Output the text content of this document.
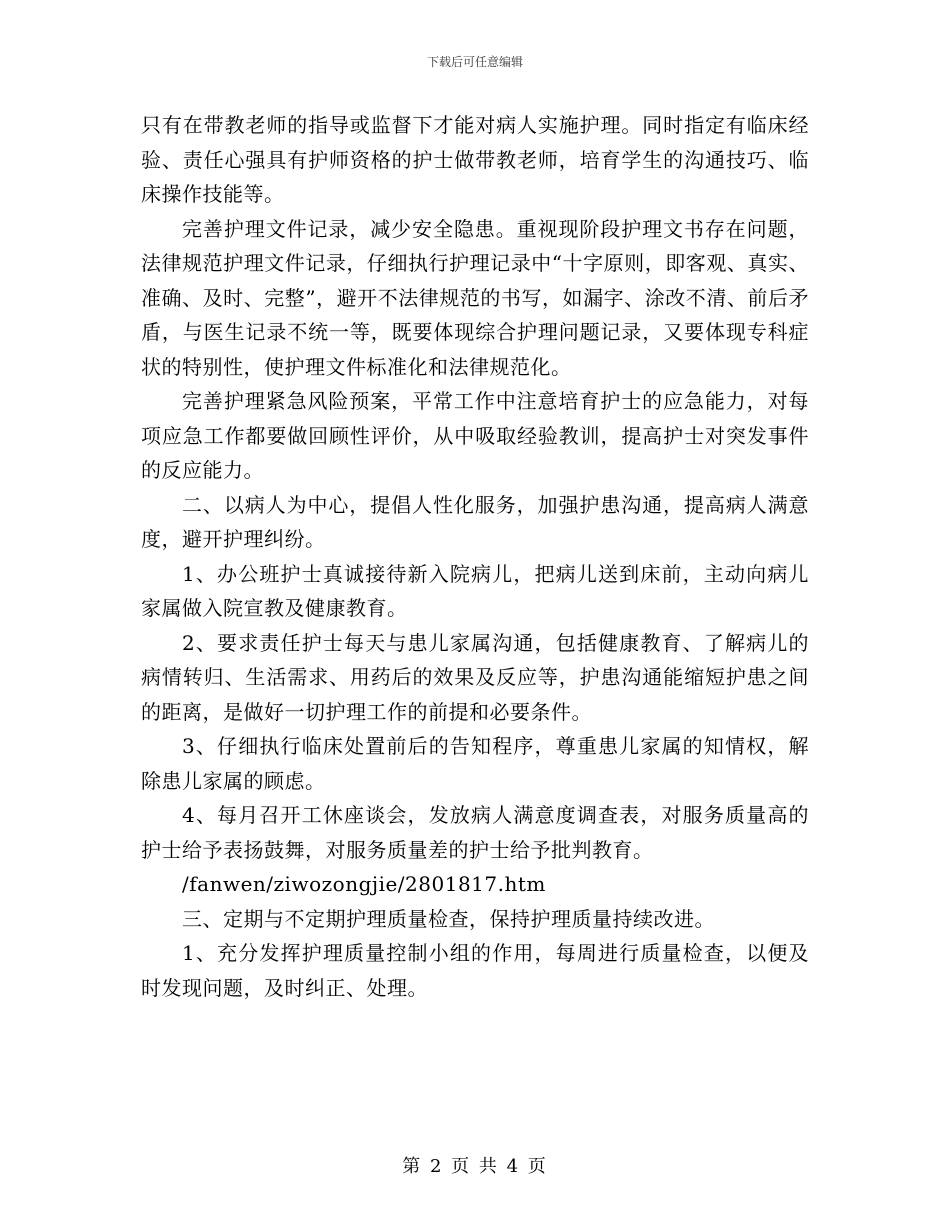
下载后可任意编辑

只有在带教老师的指导或监督下才能对病人实施护理。同时指定有临床经验、责任心强具有护师资格的护士做带教老师，培育学生的沟通技巧、临床操作技能等。

完善护理文件记录，减少安全隐患。重视现阶段护理文书存在问题，法律规范护理文件记录，仔细执行护理记录中“十字原则，即客观、真实、准确、及时、完整”，避开不法律规范的书写，如漏字、涂改不清、前后矛盾，与医生记录不统一等，既要体现综合护理问题记录，又要体现专科症状的特别性，使护理文件标准化和法律规范化。

完善护理紧急风险预案，平常工作中注意培育护士的应急能力，对每项应急工作都要做回顾性评价，从中吸取经验教训，提高护士对突发事件的反应能力。

二、以病人为中心，提倡人性化服务，加强护患沟通，提高病人满意度，避开护理纠纷。

1、办公班护士真诚接待新入院病儿，把病儿送到床前，主动向病儿家属做入院宣教及健康教育。

2、要求责任护士每天与患儿家属沟通，包括健康教育、了解病儿的病情转归、生活需求、用药后的效果及反应等，护患沟通能缩短护患之间的距离，是做好一切护理工作的前提和必要条件。

3、仔细执行临床处置前后的告知程序，尊重患儿家属的知情权，解除患儿家属的顾虑。

4、每月召开工休座谈会，发放病人满意度调查表，对服务质量高的护士给予表扬鼓舞，对服务质量差的护士给予批判教育。

/fanwen/ziwozongjie/2801817.htm

三、定期与不定期护理质量检查，保持护理质量持续改进。

1、充分发挥护理质量控制小组的作用，每周进行质量检查，以便及时发现问题，及时纠正、处理。

第 2 页 共 4 页
